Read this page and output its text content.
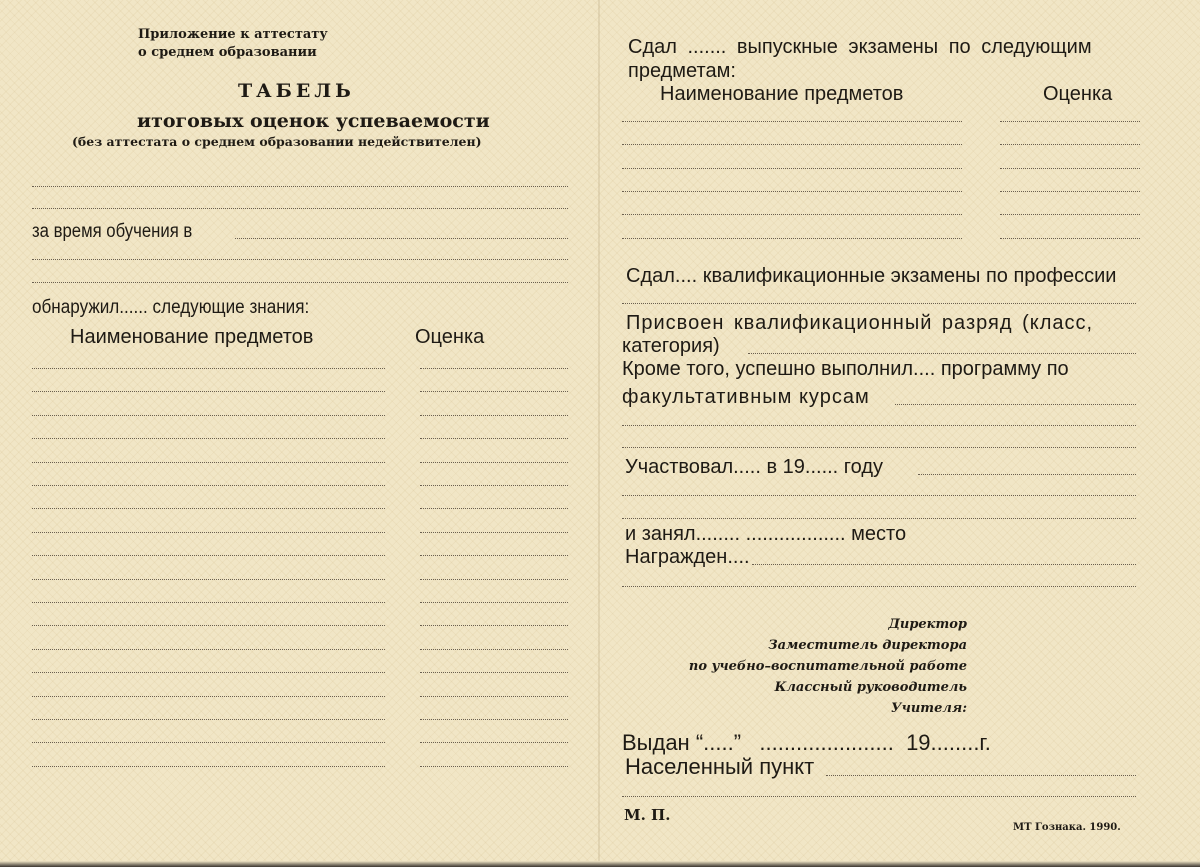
Приложение к аттестату
о среднем образовании
ТАБЕЛЬ
итоговых оценок успеваемости
(без аттестата о среднем образовании недействителен)
за время обучения в
обнаружил...... следующие знания:
Наименование предметов	Оценка
Сдал ....... выпускные экзамены по следующим
предметам:
Наименование предметов	Оценка
Сдал.... квалификационные экзамены по профессии
Присвоен квалификационный разряд (класс,
категория)
Кроме того, успешно выполнил.... программу по
факультативным курсам
Участвовал..... в 19...... году
и занял........ .................. место
Награжден....
Директор
Заместитель директора
по учебно–воспитательной работе
Классный руководитель
Учителя:
Выдан “.....”   ......................  19........г.
Населенный пункт
М. П.
МТ Гознака. 1990.
